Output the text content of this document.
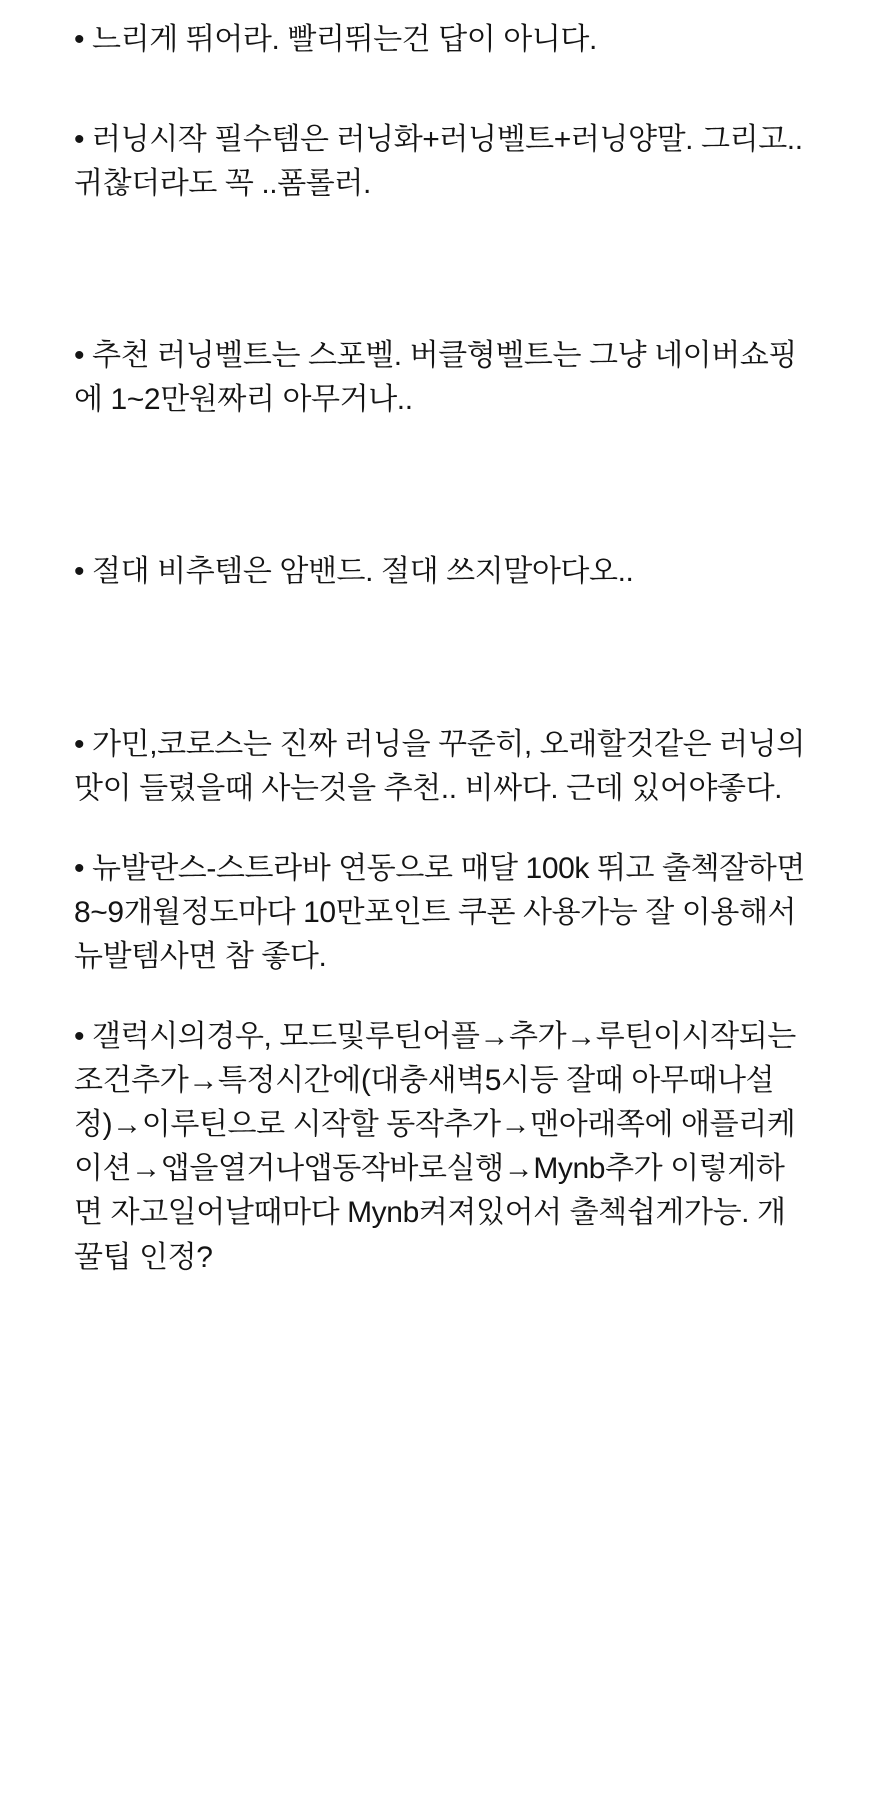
• 느리게 뛰어라. 빨리뛰는건 답이 아니다.
• 러닝시작 필수템은 러닝화+러닝벨트+러닝양말. 그리고..귀찮더라도 꼭 ..폼롤러.
• 추천 러닝벨트는 스포벨. 버클형벨트는 그냥 네이버쇼핑에 1~2만원짜리 아무거나..
• 절대 비추템은 암밴드. 절대 쓰지말아다오..
• 가민,코로스는 진짜 러닝을 꾸준히, 오래할것같은 러닝의 맛이 들렸을때 사는것을 추천.. 비싸다. 근데 있어야좋다.
• 뉴발란스-스트라바 연동으로 매달 100k 뛰고 출첵잘하면 8~9개월정도마다 10만포인트 쿠폰 사용가능 잘 이용해서 뉴발템사면 참 좋다.
• 갤럭시의경우, 모드및루틴어플→추가→루틴이시작되는조건추가→특정시간에(대충새벽5시등 잘때 아무때나설정)→이루틴으로 시작할 동작추가→맨아래쪽에 애플리케이션→앱을열거나앱동작바로실행→Mynb추가 이렇게하면 자고일어날때마다 Mynb켜져있어서 출첵쉽게가능. 개꿀팁 인정?
